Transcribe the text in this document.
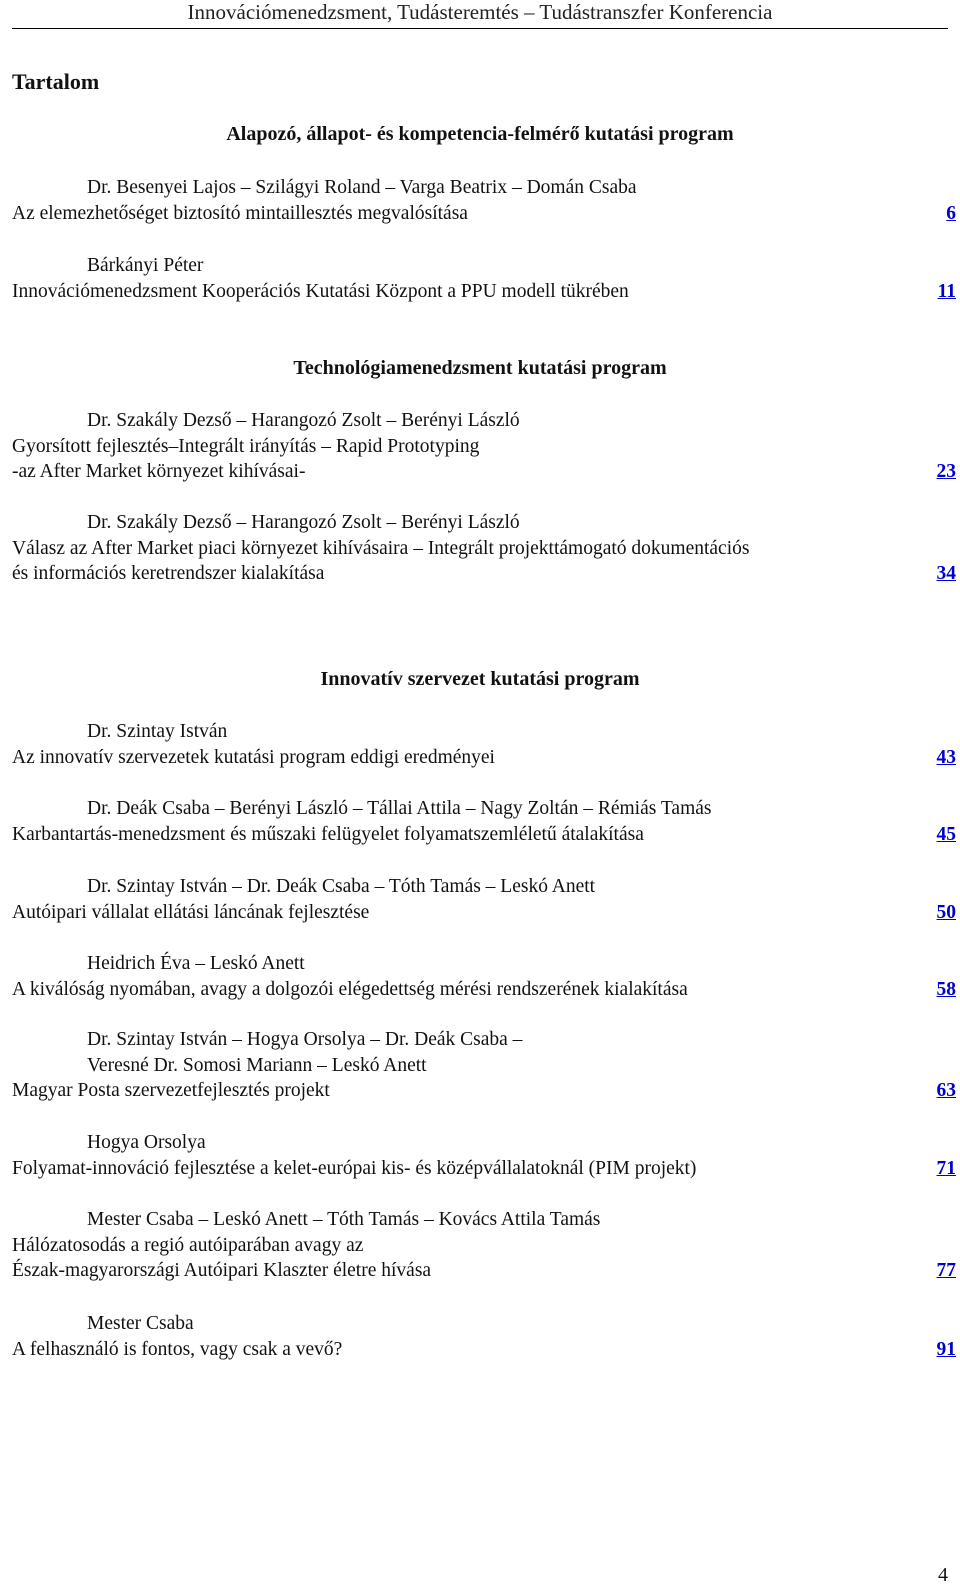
Innovációmenedzsment, Tudásteremtés – Tudástranszfer Konferencia
Tartalom
Alapozó, állapot- és kompetencia-felmérő kutatási program
Dr. Besenyei Lajos – Szilágyi Roland – Varga Beatrix – Domán Csaba
Az elemezhetőséget biztosító mintaillesztés megvalósítása	6
Bárkányi Péter
Innovációmenedzsment Kooperációs Kutatási Központ a PPU modell tükrében	11
Technológiamenedzsment kutatási program
Dr. Szakály Dezső – Harangozó Zsolt – Berényi László
Gyorsított fejlesztés–Integrált irányítás – Rapid Prototyping
-az After Market környezet kihívásai-	23
Dr. Szakály Dezső – Harangozó Zsolt – Berényi László
Válasz az After Market piaci környezet kihívásaira – Integrált projekttámogató dokumentációs
és információs keretrendszer kialakítása	34
Innovatív szervezet kutatási program
Dr. Szintay István
Az innovatív szervezetek kutatási program eddigi eredményei	43
Dr. Deák Csaba – Berényi László – Tállai Attila – Nagy Zoltán – Rémiás Tamás
Karbantartás-menedzsment és műszaki felügyelet folyamatszemléletű átalakítása	45
Dr. Szintay István – Dr. Deák Csaba – Tóth Tamás – Leskó Anett
Autóipari vállalat ellátási láncának fejlesztése	50
Heidrich Éva – Leskó Anett
A kiválóság nyomában, avagy a dolgozói elégedettség mérési rendszerének kialakítása	58
Dr. Szintay István – Hogya Orsolya – Dr. Deák Csaba –
Veresné Dr. Somosi Mariann – Leskó Anett
Magyar Posta szervezetfejlesztés projekt	63
Hogya Orsolya
Folyamat-innováció fejlesztése a kelet-európai kis- és középvállalatoknál (PIM projekt)	71
Mester Csaba – Leskó Anett – Tóth Tamás – Kovács Attila Tamás
Hálózatosodás a regió autóiparában avagy az
Észak-magyarországi Autóipari Klaszter életre hívása	77
Mester Csaba
A felhasználó is fontos, vagy csak a vevő?	91
4
